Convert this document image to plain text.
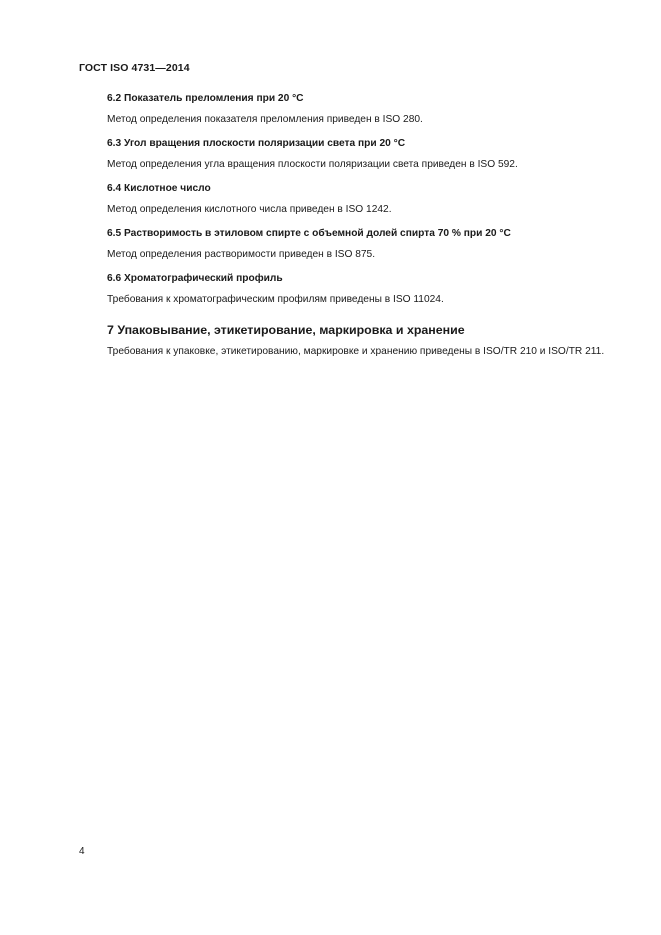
ГОСТ ISO 4731—2014

6.2 Показатель преломления при 20 °С

Метод определения показателя преломления приведен в ISO 280.

6.3 Угол вращения плоскости поляризации света при 20 °С

Метод определения угла вращения плоскости поляризации света приведен в ISO 592.

6.4 Кислотное число

Метод определения кислотного числа приведен в ISO 1242.

6.5 Растворимость в этиловом спирте с объемной долей спирта 70 % при 20 °С

Метод определения растворимости приведен в ISO 875.

6.6 Хроматографический профиль

Требования к хроматографическим профилям приведены в ISO 11024.

7 Упаковывание, этикетирование, маркировка и хранение

Требования к упаковке, этикетированию, маркировке и хранению приведены в ISO/TR 210 и ISO/TR 211.

4
